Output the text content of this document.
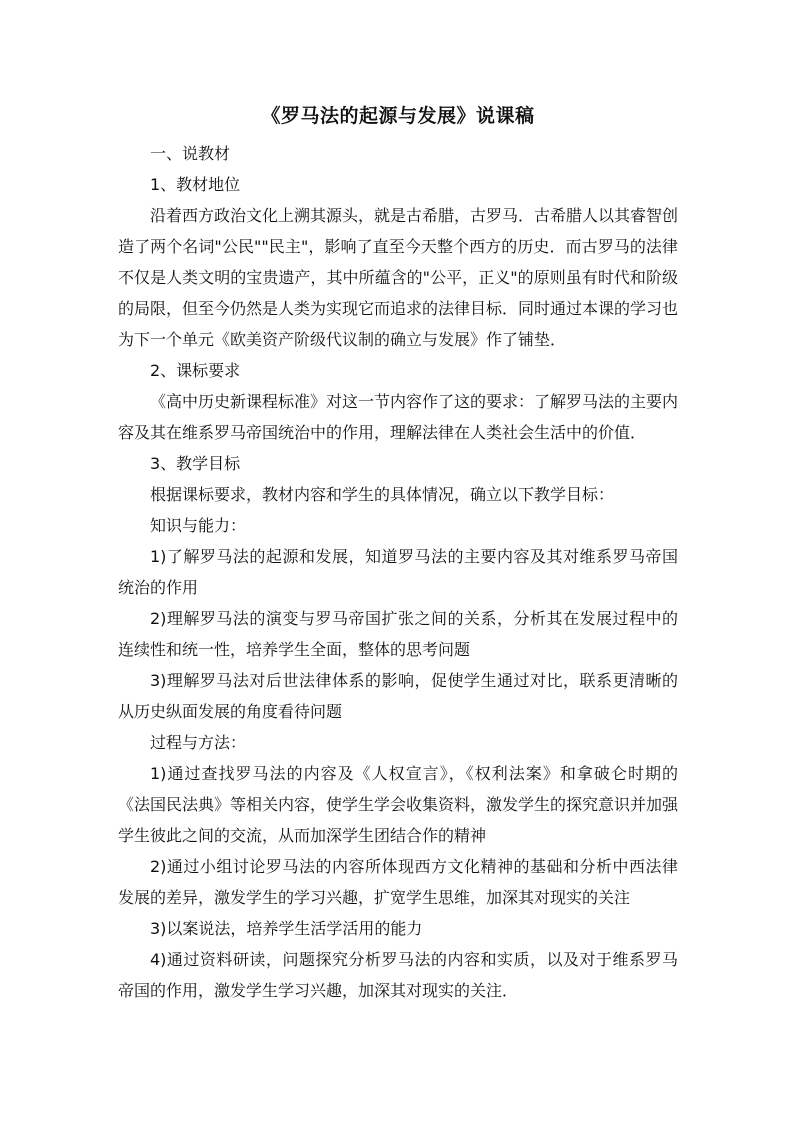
《罗马法的起源与发展》说课稿

一、说教材

1、教材地位

沿着西方政治文化上溯其源头，就是古希腊，古罗马．古希腊人以其睿智创造了两个名词"公民""民主"，影响了直至今天整个西方的历史．而古罗马的法律不仅是人类文明的宝贵遗产，其中所蕴含的"公平，正义"的原则虽有时代和阶级的局限，但至今仍然是人类为实现它而追求的法律目标．同时通过本课的学习也为下一个单元《欧美资产阶级代议制的确立与发展》作了铺垫．

2、课标要求

《高中历史新课程标准》对这一节内容作了这的要求：了解罗马法的主要内容及其在维系罗马帝国统治中的作用，理解法律在人类社会生活中的价值．

3、教学目标

根据课标要求，教材内容和学生的具体情况，确立以下教学目标：

知识与能力：

1)了解罗马法的起源和发展，知道罗马法的主要内容及其对维系罗马帝国统治的作用

2)理解罗马法的演变与罗马帝国扩张之间的关系，分析其在发展过程中的连续性和统一性，培养学生全面，整体的思考问题

3)理解罗马法对后世法律体系的影响，促使学生通过对比，联系更清晰的从历史纵面发展的角度看待问题

过程与方法：

1)通过查找罗马法的内容及《人权宣言》，《权利法案》和拿破仑时期的《法国民法典》等相关内容，使学生学会收集资料，激发学生的探究意识并加强学生彼此之间的交流，从而加深学生团结合作的精神

2)通过小组讨论罗马法的内容所体现西方文化精神的基础和分析中西法律发展的差异，激发学生的学习兴趣，扩宽学生思维，加深其对现实的关注

3)以案说法，培养学生活学活用的能力

4)通过资料研读，问题探究分析罗马法的内容和实质，以及对于维系罗马帝国的作用，激发学生学习兴趣，加深其对现实的关注．
